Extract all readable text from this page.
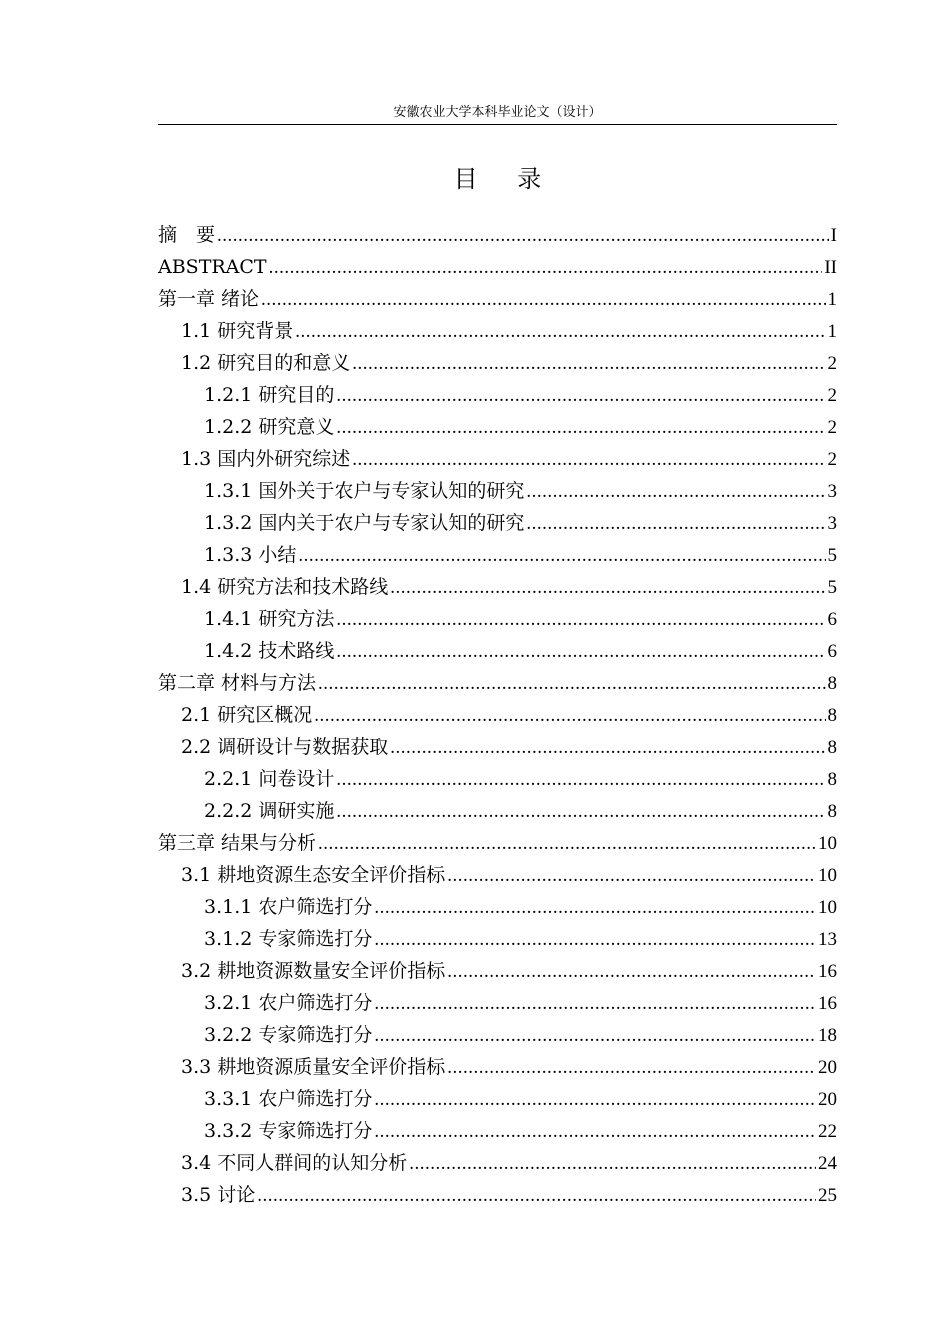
安徽农业大学本科毕业论文（设计）
目 录
摘　要 .....	I
ABSTRACT .....	II
第一章 绪论 .....	1
1.1 研究背景 .....	1
1.2 研究目的和意义 .....	2
1.2.1 研究目的 .....	2
1.2.2 研究意义 .....	2
1.3 国内外研究综述 .....	2
1.3.1 国外关于农户与专家认知的研究 .....	3
1.3.2 国内关于农户与专家认知的研究 .....	3
1.3.3 小结 .....	5
1.4 研究方法和技术路线 .....	5
1.4.1 研究方法 .....	6
1.4.2 技术路线 .....	6
第二章 材料与方法 .....	8
2.1 研究区概况 .....	8
2.2 调研设计与数据获取 .....	8
2.2.1 问卷设计 .....	8
2.2.2 调研实施 .....	8
第三章 结果与分析 .....	10
3.1 耕地资源生态安全评价指标 .....	10
3.1.1 农户筛选打分 .....	10
3.1.2 专家筛选打分 .....	13
3.2 耕地资源数量安全评价指标 .....	16
3.2.1 农户筛选打分 .....	16
3.2.2 专家筛选打分 .....	18
3.3 耕地资源质量安全评价指标 .....	20
3.3.1 农户筛选打分 .....	20
3.3.2 专家筛选打分 .....	22
3.4 不同人群间的认知分析 .....	24
3.5 讨论 .....	25
